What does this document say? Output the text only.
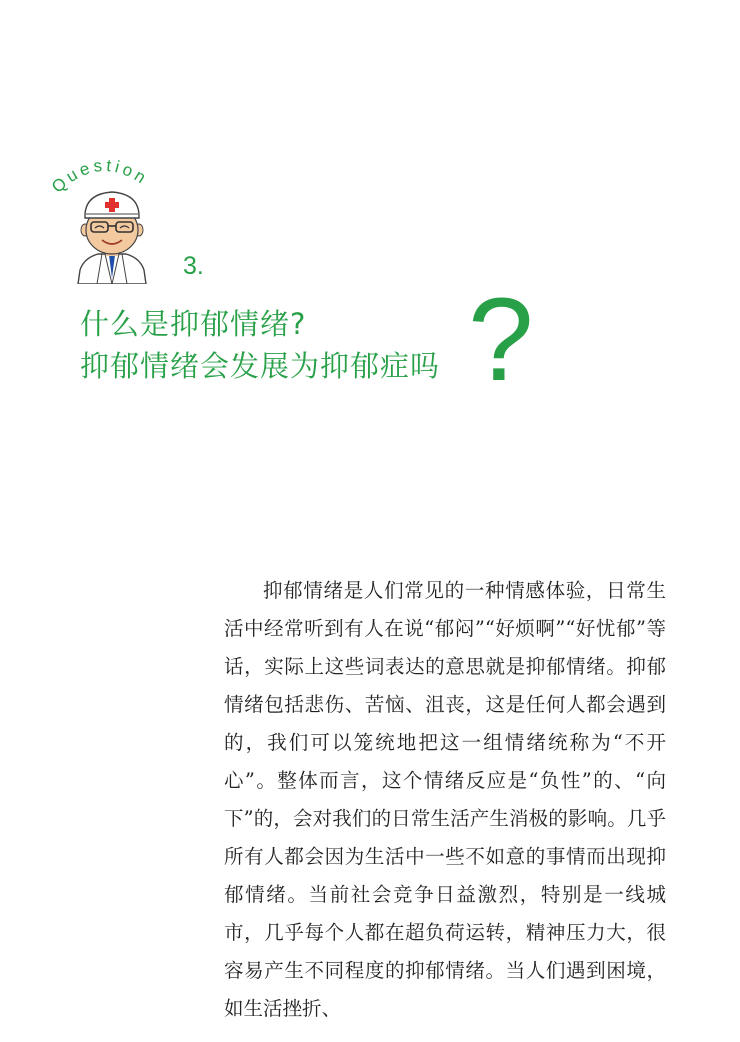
Question
3.
什么是抑郁情绪?
抑郁情绪会发展为抑郁症吗 ?

抑郁情绪是人们常见的一种情感体验，日常生活中经常听到有人在说“郁闷”“好烦啊”“好忧郁”等话，实际上这些词表达的意思就是抑郁情绪。抑郁情绪包括悲伤、苦恼、沮丧，这是任何人都会遇到的，我们可以笼统地把这一组情绪统称为“不开心”。整体而言，这个情绪反应是“负性”的、“向下”的，会对我们的日常生活产生消极的影响。几乎所有人都会因为生活中一些不如意的事情而出现抑郁情绪。当前社会竞争日益激烈，特别是一线城市，几乎每个人都在超负荷运转，精神压力大，很容易产生不同程度的抑郁情绪。当人们遇到困境，如生活挫折、
